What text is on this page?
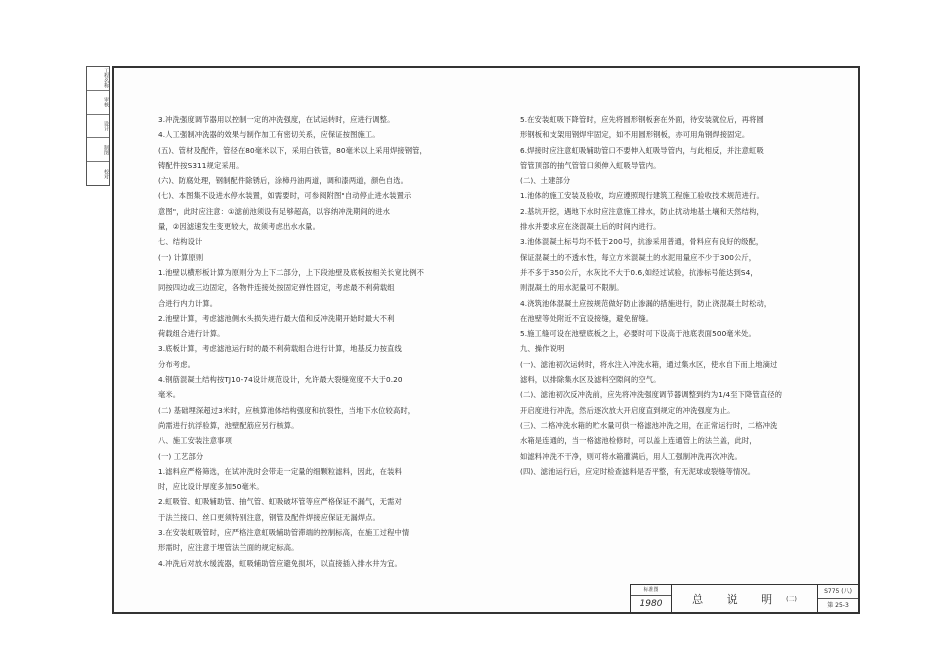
工程名称
审核
设计
制图
校对
3.冲洗强度调节器用以控制一定的冲洗强度，在试运转时，应进行调整。
4.人工强制冲洗器的效果与制作加工有密切关系，应保证按图施工。
(五)、管材及配件，管径在80毫米以下，采用白铁管，80毫米以上采用焊接钢管，
铸配件按S311规定采用。
(六)、防腐处理，钢制配件除锈后，涂樟丹油两道，调和漆两道，颜色自选。
(七)、本图集不设进水停水装置，如需要时，可参阅附图"自动停止进水装置示
意图"，此时应注意：①滤前池须设有足够超高，以容纳冲洗期间的进水
量，②因滤速发生变更较大，故须考虑出水水量。
七、结构设计
(一) 计算原则
1.池壁以横形板计算为原则分为上下二部分，上下段池壁及底板按相关长宽比例不
同按四边或三边固定，各物件连接处按固定弹性固定，考虑最不利荷载组
合进行内力计算。
2.池壁计算，考虑滤池侧水头损失进行最大值和反冲洗期开始时最大不利
荷载组合进行计算。
3.底板计算，考虑滤池运行时的最不利荷载组合进行计算，地基反力按直线
分布考虑。
4.钢筋混凝土结构按TJ10-74设计规范设计，允许最大裂缝宽度不大于0.20
毫米。
(二) 基础埋深超过3米时，应核算池体结构强度和抗裂性，当地下水位较高时，
尚需进行抗浮验算，池壁配筋应另行核算。
八、施工安装注意事项
(一) 工艺部分
1.滤料应严格筛选，在试冲洗时会带走一定量的细颗粒滤料，因此，在装料
时，应比设计厚度多加50毫米。
2.虹吸管、虹吸辅助管、抽气管、虹吸破坏管等应严格保证不漏气，无需对
于法兰接口、丝口更须特别注意，钢管及配件焊接应保证无漏焊点。
3.在安装虹吸管时，应严格注意虹吸辅助管滞端的控制标高，在施工过程中情
形需时，应注意于埋管法兰面的规定标高。
4.冲洗后对放水缓流器，虹吸辅助管应避免损坏，以直接插入排水井为宜。
5.在安装虹吸下降管时，应先将圆形钢板套在外面，待安装就位后，再将圆
形钢板和支架用钢焊牢固定，如不用圆形钢板，亦可用角钢焊接固定。
6.焊接时应注意虹吸辅助管口不要伸入虹吸导管内，与此相反，并注意虹吸
管管顶部的抽气管管口须伸入虹吸导管内。
(二)、土建部分
1.池体的施工安装及验收，均应遵照现行建筑工程施工验收技术规范进行。
2.基坑开挖，遇地下水时应注意施工排水，防止扰动地基土壤和天然结构，
排水并要求应在浇混凝土后的时间内进行。
3.池体混凝土标号均不低于200号，抗渗采用普通，骨料应有良好的级配，
保证混凝土的不透水性，每立方米混凝土的水泥用量应不少于300公斤，
并不多于350公斤，水灰比不大于0.6,如经过试验，抗渗标号能达到S4，
则混凝土的用水泥量可不限制。
4.浇筑池体混凝土应按规范做好防止渗漏的措施进行，防止浇混凝土时松动，
在池壁等处附近不宜设接缝，避免留缝。
5.施工缝可设在池壁底板之上，必要时可下设高于池底表面500毫米处。
九、操作说明
(一)、滤池初次运转时，将水注入冲洗水箱，通过集水区，使水自下而上地滴过
滤料，以排除集水区及滤料空隙间的空气。
(二)、滤池初次反冲洗前，应先将冲洗强度调节器调整到约为1/4至下降管直径的
开启度进行冲洗，然后逐次放大开启度直到规定的冲洗强度为止。
(三)、二格冲洗水箱的贮水量可供一格滤池冲洗之用，在正常运行时，二格冲洗
水箱是连通的，当一格滤池检修时，可以盖上连通管上的法兰盖，此时，
如滤料冲洗不干净，则可将水箱灌满后，用人工强制冲洗再次冲洗。
(四)、滤池运行后，应定时检查滤料是否平整，有无泥球或裂缝等情况。
标准图
1980	总 说 明 (二)
S775 (八)
第 25-3
